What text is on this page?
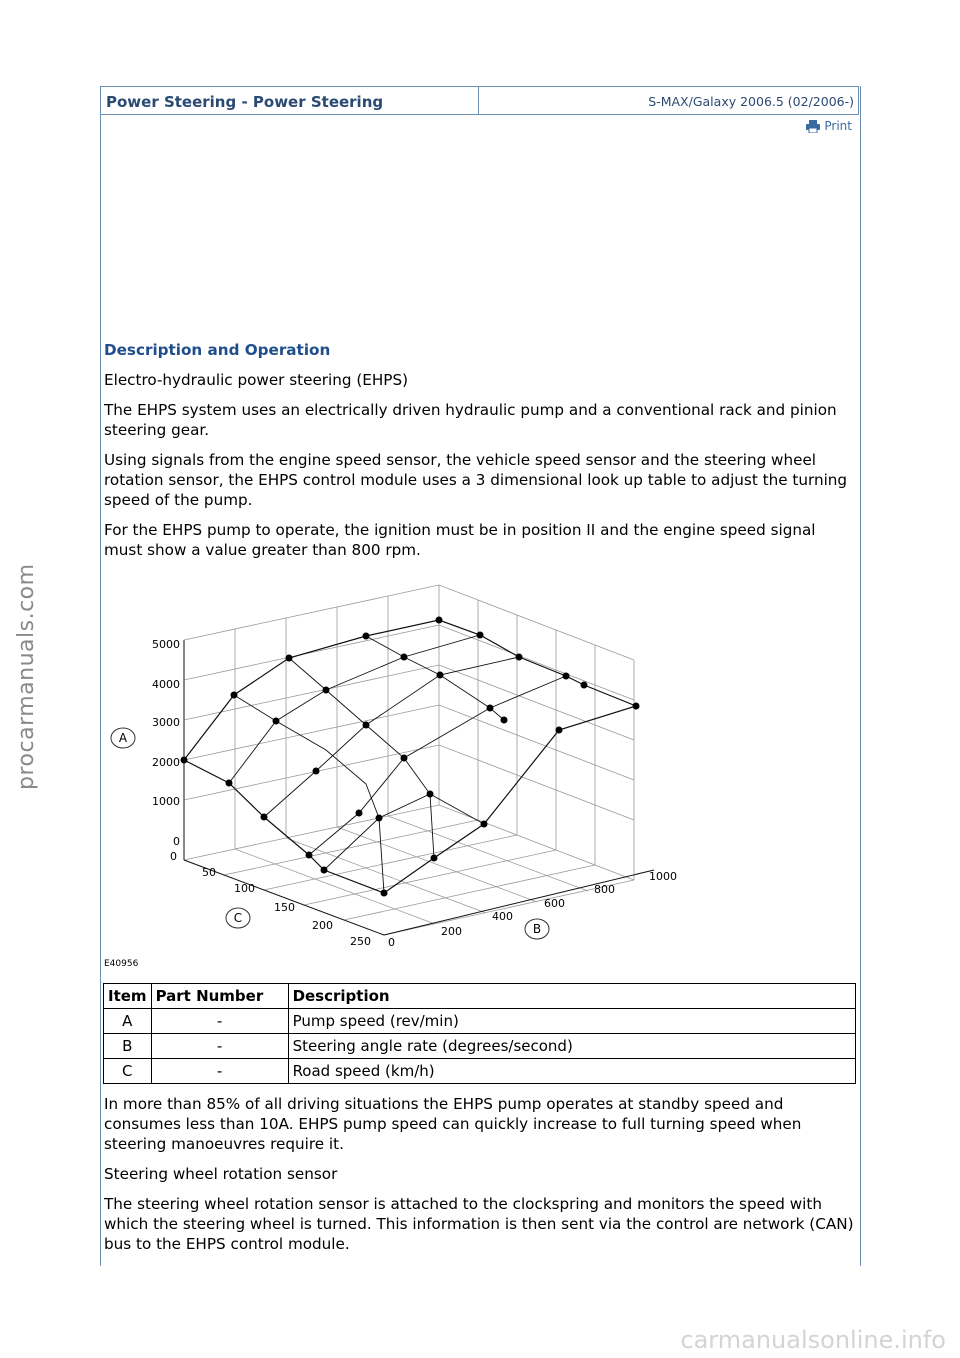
Power Steering - Power Steering	S-MAX/Galaxy 2006.5 (02/2006-)
Print

Description and Operation

Electro-hydraulic power steering (EHPS)

The EHPS system uses an electrically driven hydraulic pump and a conventional rack and pinion steering gear.

Using signals from the engine speed sensor, the vehicle speed sensor and the steering wheel rotation sensor, the EHPS control module uses a 3 dimensional look up table to adjust the turning speed of the pump.

For the EHPS pump to operate, the ignition must be in position II and the engine speed signal must show a value greater than 800 rpm.

5000
4000
3000
2000
1000
0
0
50
100
150
200
250 0
200
400
600
800
1000
A
B
C
E40956
Item	Part Number	Description
A	-	Pump speed (rev/min)
B	-	Steering angle rate (degrees/second)
C	-	Road speed (km/h)

In more than 85% of all driving situations the EHPS pump operates at standby speed and consumes less than 10A. EHPS pump speed can quickly increase to full turning speed when steering manoeuvres require it.

Steering wheel rotation sensor

The steering wheel rotation sensor is attached to the clockspring and monitors the speed with which the steering wheel is turned. This information is then sent via the control are network (CAN) bus to the EHPS control module.

procarmanuals.com
carmanualsonline.info
